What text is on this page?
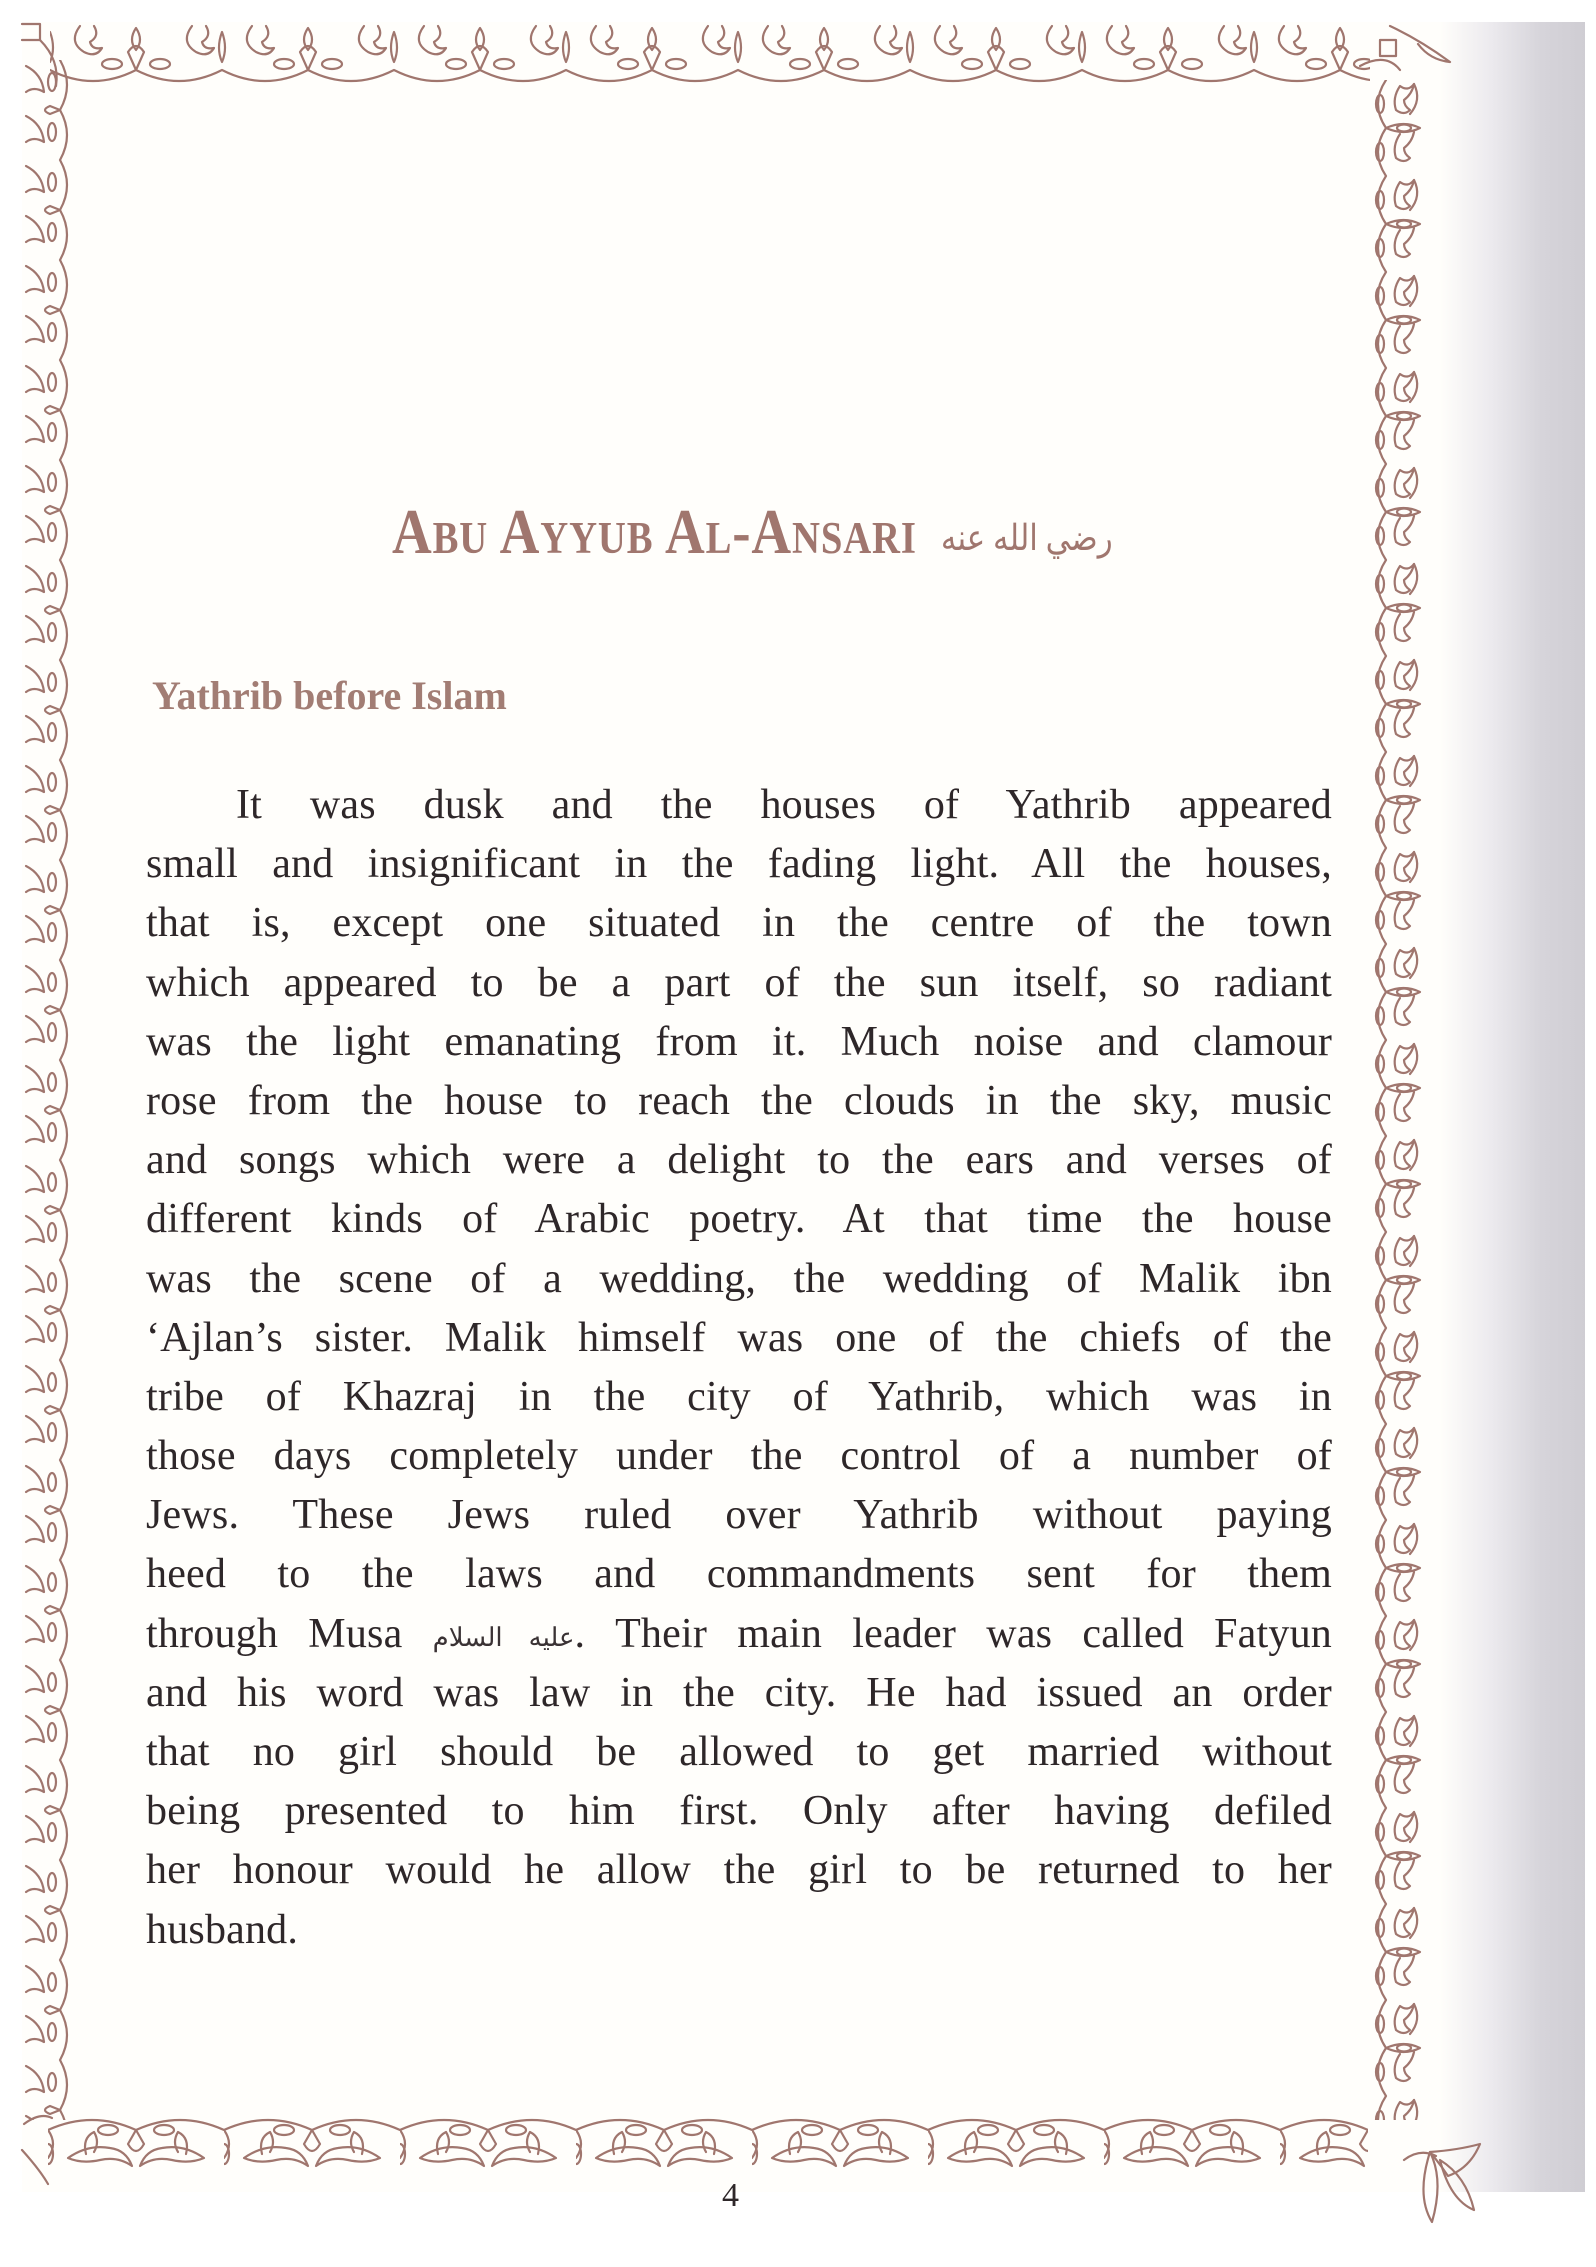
Abu Ayyub Al-Ansari رضي الله عنه
Yathrib before Islam
It was dusk and the houses of Yathrib appeared
small and insignificant in the fading light. All the houses,
that is, except one situated in the centre of the town
which appeared to be a part of the sun itself, so radiant
was the light emanating from it. Much noise and clamour
rose from the house to reach the clouds in the sky, music
and songs which were a delight to the ears and verses of
different kinds of Arabic poetry. At that time the house
was the scene of a wedding, the wedding of Malik ibn
‘Ajlan’s sister. Malik himself was one of the chiefs of the
tribe of Khazraj in the city of Yathrib, which was in
those days completely under the control of a number of
Jews. These Jews ruled over Yathrib without paying
heed to the laws and commandments sent for them
through Musa عليه السلام. Their main leader was called Fatyun
and his word was law in the city. He had issued an order
that no girl should be allowed to get married without
being presented to him first. Only after having defiled
her honour would he allow the girl to be returned to her
husband.
4
